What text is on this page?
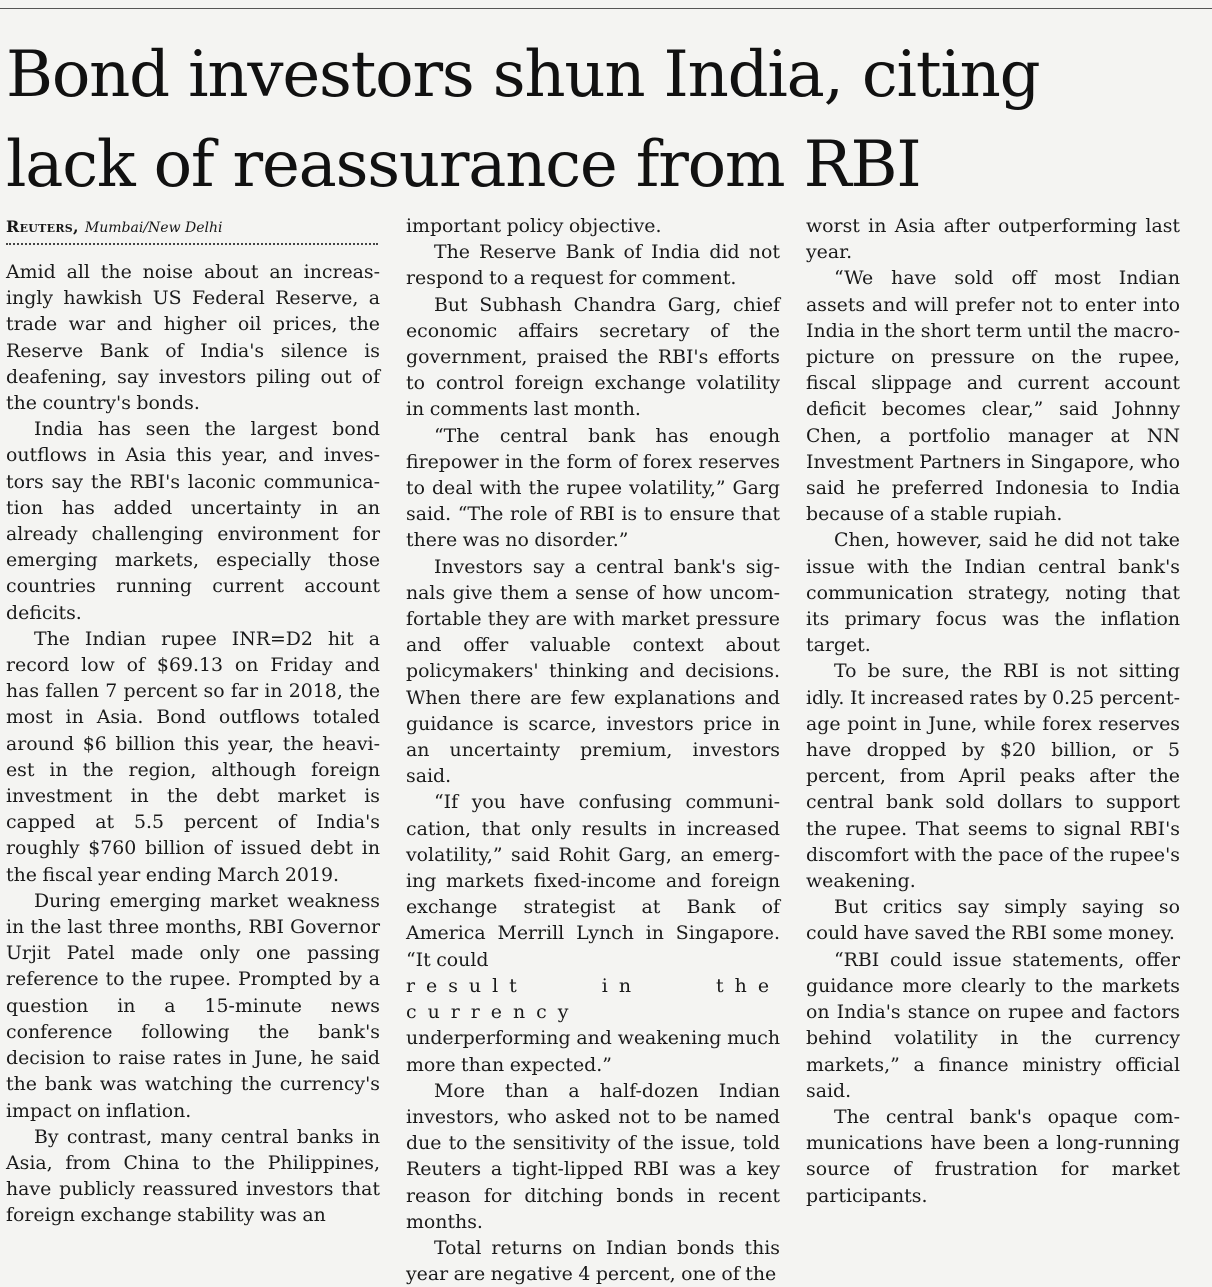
Bond investors shun India, citing
lack of reassurance from RBI
Reuters, Mumbai/New Delhi

Amid all the noise about an increasingly hawkish US Federal Reserve, a trade war and higher oil prices, the Reserve Bank of India's silence is deafening, say investors piling out of the country's bonds.

India has seen the largest bond outflows in Asia this year, and investors say the RBI's laconic communication has added uncertainty in an already challenging environment for emerging markets, especially those countries running current account deficits.

The Indian rupee INR=D2 hit a record low of $69.13 on Friday and has fallen 7 percent so far in 2018, the most in Asia. Bond outflows totaled around $6 billion this year, the heaviest in the region, although foreign investment in the debt market is capped at 5.5 percent of India's roughly $760 billion of issued debt in the fiscal year ending March 2019.

During emerging market weakness in the last three months, RBI Governor Urjit Patel made only one passing reference to the rupee. Prompted by a question in a 15-minute news conference following the bank's decision to raise rates in June, he said the bank was watching the currency's impact on inflation.

By contrast, many central banks in Asia, from China to the Philippines, have publicly reassured investors that foreign exchange stability was an

important policy objective.

The Reserve Bank of India did not respond to a request for comment.

But Subhash Chandra Garg, chief economic affairs secretary of the government, praised the RBI's efforts to control foreign exchange volatility in comments last month.

“The central bank has enough firepower in the form of forex reserves to deal with the rupee volatility,” Garg said. “The role of RBI is to ensure that there was no disorder.”

Investors say a central bank's signals give them a sense of how uncomfortable they are with market pressure and offer valuable context about policymakers' thinking and decisions. When there are few explanations and guidance is scarce, investors price in an uncertainty premium, investors said.

“If you have confusing communication, that only results in increased volatility,” said Rohit Garg, an emerging markets fixed-income and foreign exchange strategist at Bank of America Merrill Lynch in Singapore. “It could

result in the currency

underperforming and weakening much more than expected.”

More than a half-dozen Indian investors, who asked not to be named due to the sensitivity of the issue, told Reuters a tight-lipped RBI was a key reason for ditching bonds in recent months.

Total returns on Indian bonds this year are negative 4 percent, one of the

worst in Asia after outperforming last year.

“We have sold off most Indian assets and will prefer not to enter into India in the short term until the macro-picture on pressure on the rupee, fiscal slippage and current account deficit becomes clear,” said Johnny Chen, a portfolio manager at NN Investment Partners in Singapore, who said he preferred Indonesia to India because of a stable rupiah.

Chen, however, said he did not take issue with the Indian central bank's communication strategy, noting that its primary focus was the inflation target.

To be sure, the RBI is not sitting idly. It increased rates by 0.25 percentage point in June, while forex reserves have dropped by $20 billion, or 5 percent, from April peaks after the central bank sold dollars to support the rupee. That seems to signal RBI's discomfort with the pace of the rupee's weakening.

But critics say simply saying so could have saved the RBI some money.

“RBI could issue statements, offer guidance more clearly to the markets on India's stance on rupee and factors behind volatility in the currency markets,” a finance ministry official said.

The central bank's opaque communications have been a long-running source of frustration for market participants.
